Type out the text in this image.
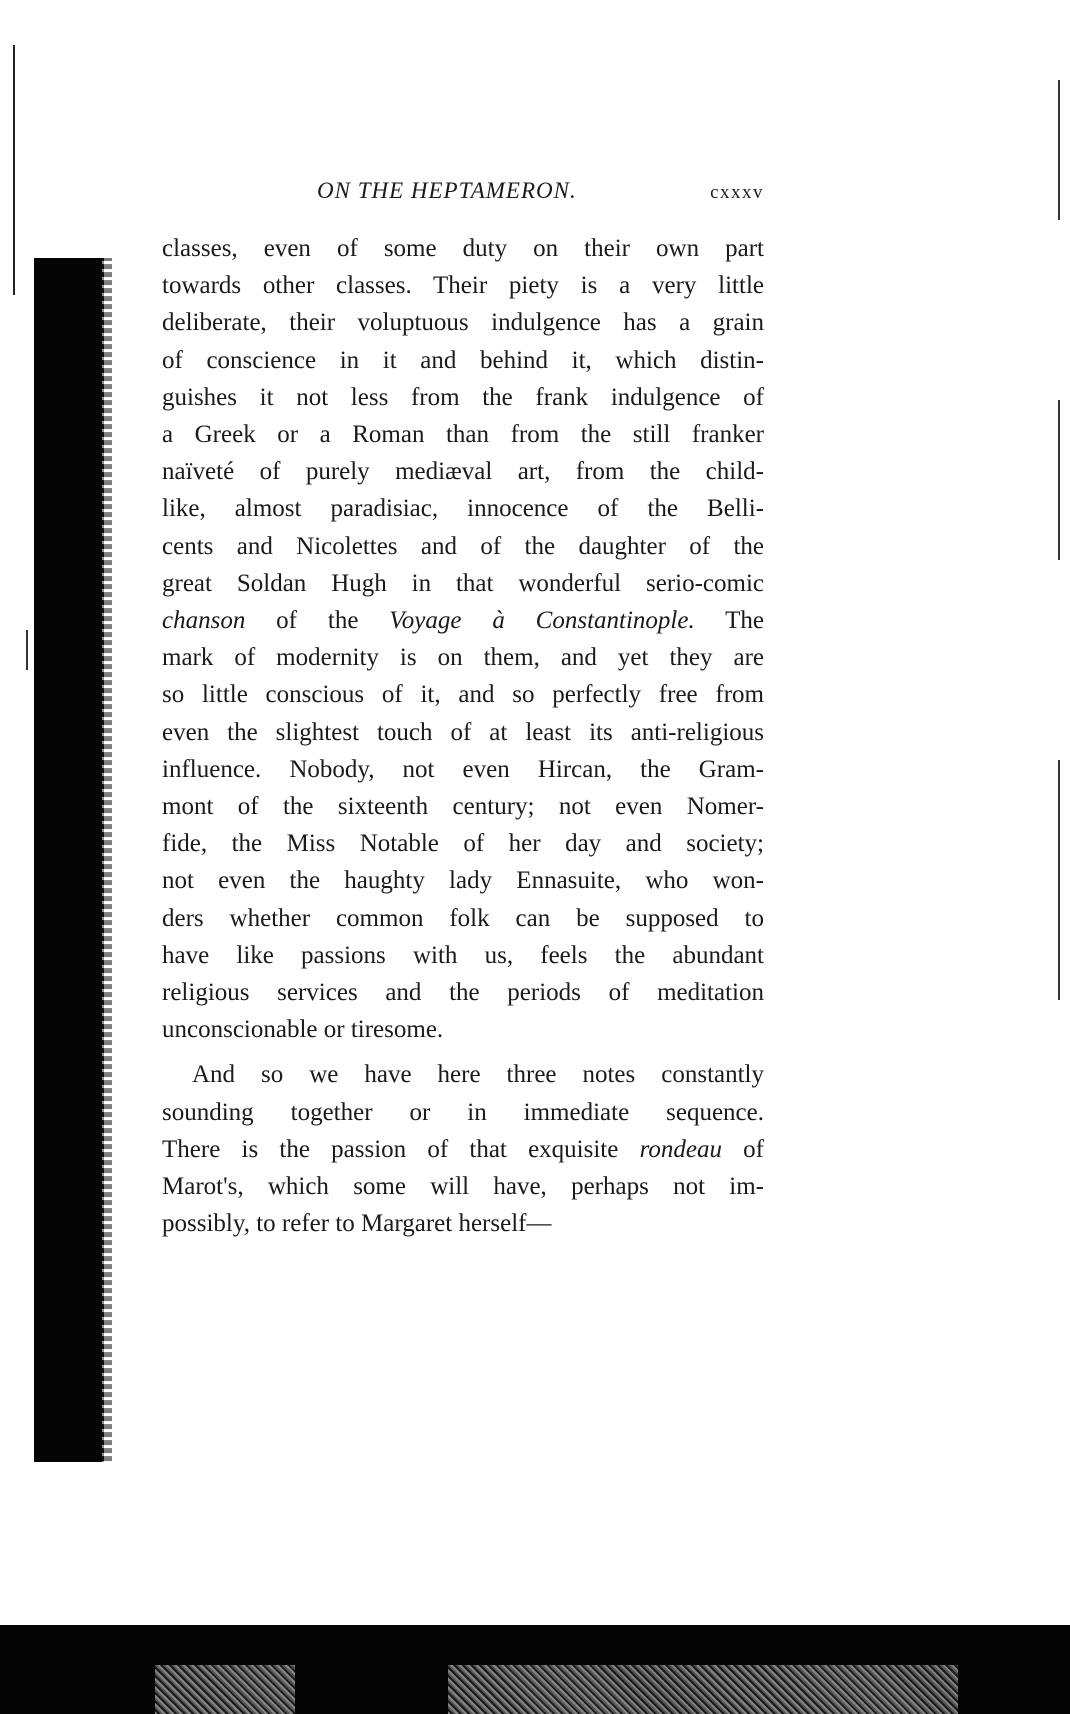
ON THE HEPTAMERON.	cxxxv
classes, even of some duty on their own part
towards other classes. Their piety is a very little
deliberate, their voluptuous indulgence has a grain
of conscience in it and behind it, which distin-
guishes it not less from the frank indulgence of
a Greek or a Roman than from the still franker
naïveté of purely mediæval art, from the child-
like, almost paradisiac, innocence of the Belli-
cents and Nicolettes and of the daughter of the
great Soldan Hugh in that wonderful serio-comic
chanson of the Voyage à Constantinople. The
mark of modernity is on them, and yet they are
so little conscious of it, and so perfectly free from
even the slightest touch of at least its anti-religious
influence. Nobody, not even Hircan, the Gram-
mont of the sixteenth century; not even Nomer-
fide, the Miss Notable of her day and society;
not even the haughty lady Ennasuite, who won-
ders whether common folk can be supposed to
have like passions with us, feels the abundant
religious services and the periods of meditation
unconscionable or tiresome.
And so we have here three notes constantly
sounding together or in immediate sequence.
There is the passion of that exquisite rondeau of
Marot's, which some will have, perhaps not im-
possibly, to refer to Margaret herself—
